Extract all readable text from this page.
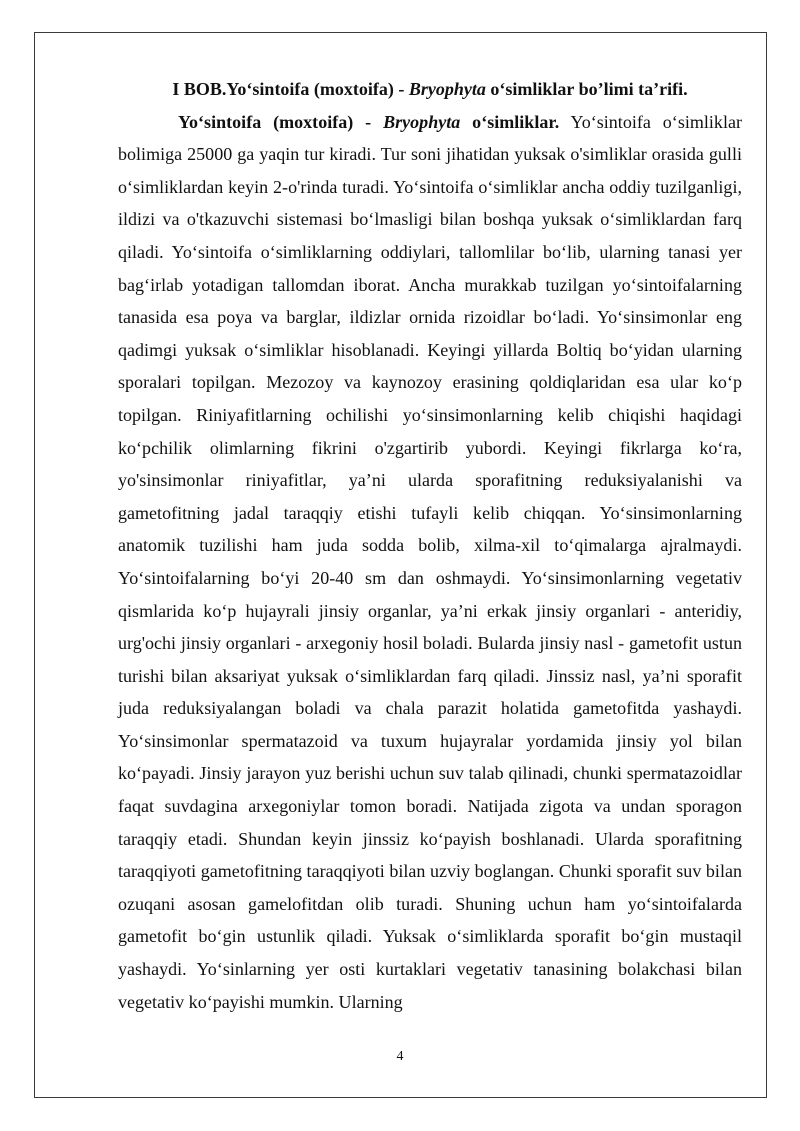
I BOB.Yo‘sintoifa (moxtoifa) - Bryophyta o‘simliklar bo’limi ta’rifi.

Yo‘sintoifa (moxtoifa) - Bryophyta o‘simliklar. Yo‘sintoifa o‘simliklar bolimiga 25000 ga yaqin tur kiradi. Tur soni jihatidan yuksak o'simliklar orasida gulli o‘simliklardan keyin 2-o'rinda turadi. Yo‘sintoifa o‘simliklar ancha oddiy tuzilganligi, ildizi va o'tkazuvchi sistemasi bo‘lmasligi bilan boshqa yuksak o‘simliklardan farq qiladi. Yo‘sintoifa o‘simliklarning oddiylari, tallomlilar bo‘lib, ularning tanasi yer bag‘irlab yotadigan tallomdan iborat. Ancha murakkab tuzilgan yo‘sintoifalarning tanasida esa poya va barglar, ildizlar ornida rizoidlar bo‘ladi. Yo‘sinsimonlar eng qadimgi yuksak o‘simliklar hisoblanadi. Keyingi yillarda Boltiq bo‘yidan ularning sporalari topilgan. Mezozoy va kaynozoy erasining qoldiqlaridan esa ular ko‘p topilgan. Riniyafitlarning ochilishi yo‘sinsimonlarning kelib chiqishi haqidagi ko‘pchilik olimlarning fikrini o'zgartirib yubordi. Keyingi fikrlarga ko‘ra, yo'sinsimonlar riniyafitlar, ya’ni ularda sporafitning reduksiyalanishi va gametofitning jadal taraqqiy etishi tufayli kelib chiqqan. Yo‘sinsimonlarning anatomik tuzilishi ham juda sodda bolib, xilma-xil to‘qimalarga ajralmaydi. Yo‘sintoifalarning bo‘yi 20-40 sm dan oshmaydi. Yo‘sinsimonlarning vegetativ qismlarida ko‘p hujayrali jinsiy organlar, ya’ni erkak jinsiy organlari - anteridiy, urg'ochi jinsiy organlari - arxegoniy hosil boladi. Bularda jinsiy nasl - gametofit ustun turishi bilan aksariyat yuksak o‘simliklardan farq qiladi. Jinssiz nasl, ya’ni sporafit juda reduksiyalangan boladi va chala parazit holatida gametofitda yashaydi. Yo‘sinsimonlar spermatazoid va tuxum hujayralar yordamida jinsiy yol bilan ko‘payadi. Jinsiy jarayon yuz berishi uchun suv talab qilinadi, chunki spermatazoidlar faqat suvdagina arxegoniylar tomon boradi. Natijada zigota va undan sporagon taraqqiy etadi. Shundan keyin jinssiz ko‘payish boshlanadi. Ularda sporafitning taraqqiyoti gametofitning taraqqiyoti bilan uzviy boglangan. Chunki sporafit suv bilan ozuqani asosan gamelofitdan olib turadi. Shuning uchun ham yo‘sintoifalarda gametofit bo‘gin ustunlik qiladi. Yuksak o‘simliklarda sporafit bo‘gin mustaqil yashaydi. Yo‘sinlarning yer osti kurtaklari vegetativ tanasining bolakchasi bilan vegetativ ko‘payishi mumkin. Ularning

4
